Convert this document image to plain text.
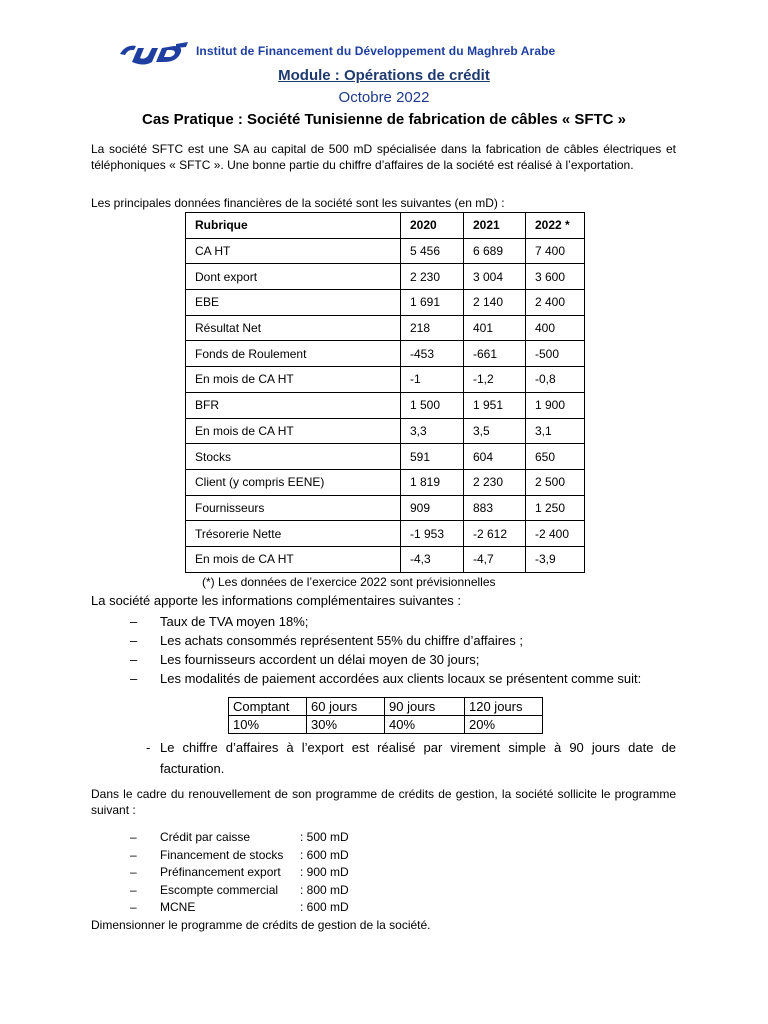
Institut de Financement du Développement du Maghreb Arabe
Module : Opérations de crédit
Octobre 2022
Cas Pratique : Société Tunisienne de fabrication de câbles « SFTC »
La société SFTC est une SA au capital de 500 mD spécialisée dans la fabrication de câbles électriques et téléphoniques « SFTC ». Une bonne partie du chiffre d’affaires de la société est réalisé à l’exportation.
Les principales données financières de la société sont les suivantes (en mD) :
Rubrique	2020	2021	2022 *
CA HT	5 456	6 689	7 400
Dont export	2 230	3 004	3 600
EBE	1 691	2 140	2 400
Résultat Net	218	401	400
Fonds de Roulement	-453	-661	-500
En mois de CA HT	-1	-1,2	-0,8
BFR	1 500	1 951	1 900
En mois de CA HT	3,3	3,5	3,1
Stocks	591	604	650
Client (y compris EENE)	1 819	2 230	2 500
Fournisseurs	909	883	1 250
Trésorerie Nette	-1 953	-2 612	-2 400
En mois de CA HT	-4,3	-4,7	-3,9
(*) Les données de l’exercice 2022 sont prévisionnelles
La société apporte les informations complémentaires suivantes :
– Taux de TVA moyen 18%;
– Les achats consommés représentent 55% du chiffre d’affaires ;
– Les fournisseurs accordent un délai moyen de 30 jours;
– Les modalités de paiement accordées aux clients locaux se présentent comme suit:
Comptant	60 jours	90 jours	120 jours
10%	30%	40%	20%
- Le chiffre d’affaires à l’export est réalisé par virement simple à 90 jours date de facturation.
Dans le cadre du renouvellement de son programme de crédits de gestion, la société sollicite le programme suivant :
– Crédit par caisse	: 500 mD
– Financement de stocks : 600 mD
– Préfinancement export : 900 mD
– Escompte commercial : 800 mD
– MCNE	: 600 mD
Dimensionner le programme de crédits de gestion de la société.
